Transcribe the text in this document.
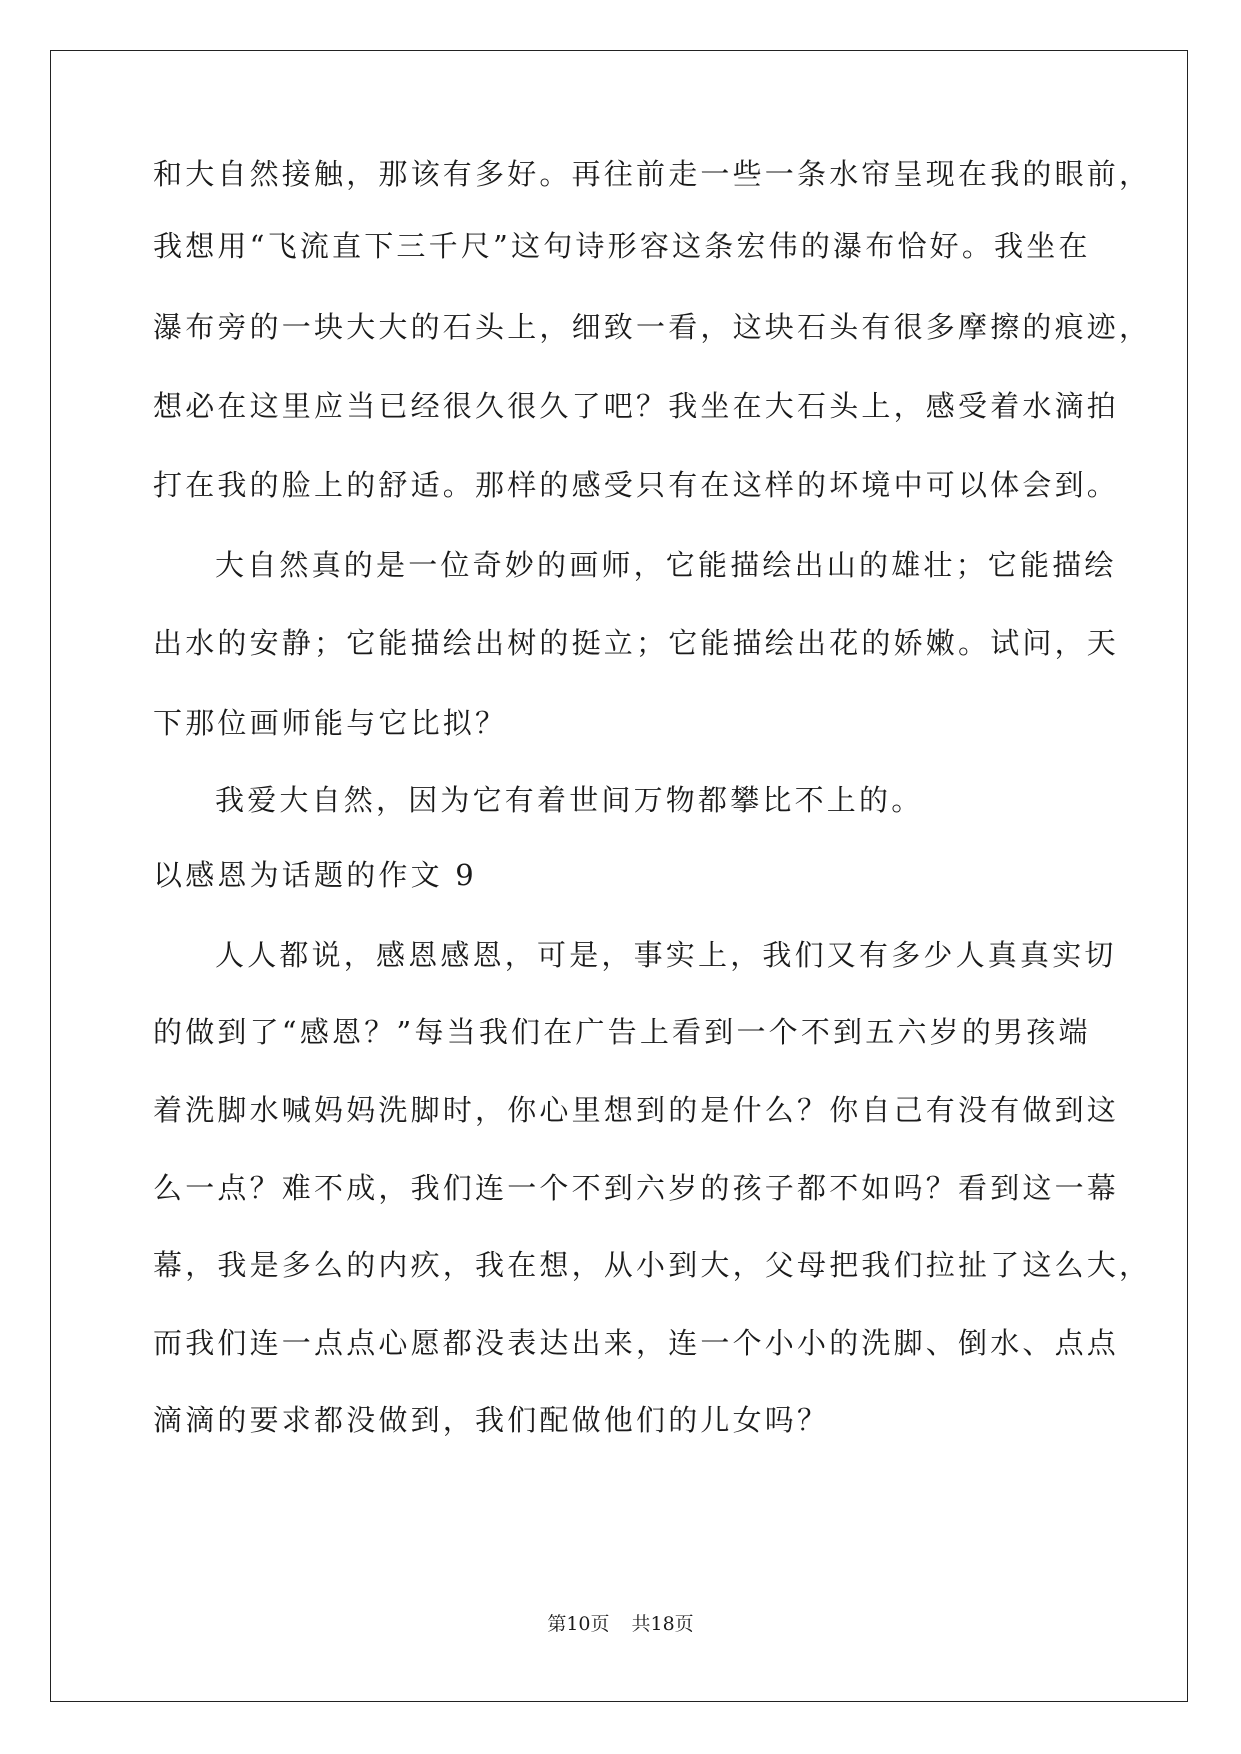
和大自然接触，那该有多好。再往前走一些一条水帘呈现在我的眼前，
我想用“飞流直下三千尺”这句诗形容这条宏伟的瀑布恰好。我坐在
瀑布旁的一块大大的石头上，细致一看，这块石头有很多摩擦的痕迹，
想必在这里应当已经很久很久了吧？我坐在大石头上，感受着水滴拍
打在我的脸上的舒适。那样的感受只有在这样的坏境中可以体会到。
大自然真的是一位奇妙的画师，它能描绘出山的雄壮；它能描绘
出水的安静；它能描绘出树的挺立；它能描绘出花的娇嫩。试问，天
下那位画师能与它比拟？
我爱大自然，因为它有着世间万物都攀比不上的。
以感恩为话题的作文 9
人人都说，感恩感恩，可是，事实上，我们又有多少人真真实切
的做到了“感恩？”每当我们在广告上看到一个不到五六岁的男孩端
着洗脚水喊妈妈洗脚时，你心里想到的是什么？你自己有没有做到这
么一点？难不成，我们连一个不到六岁的孩子都不如吗？看到这一幕
幕，我是多么的内疚，我在想，从小到大，父母把我们拉扯了这么大，
而我们连一点点心愿都没表达出来，连一个小小的洗脚、倒水、点点
滴滴的要求都没做到，我们配做他们的儿女吗？
第10页 共18页
